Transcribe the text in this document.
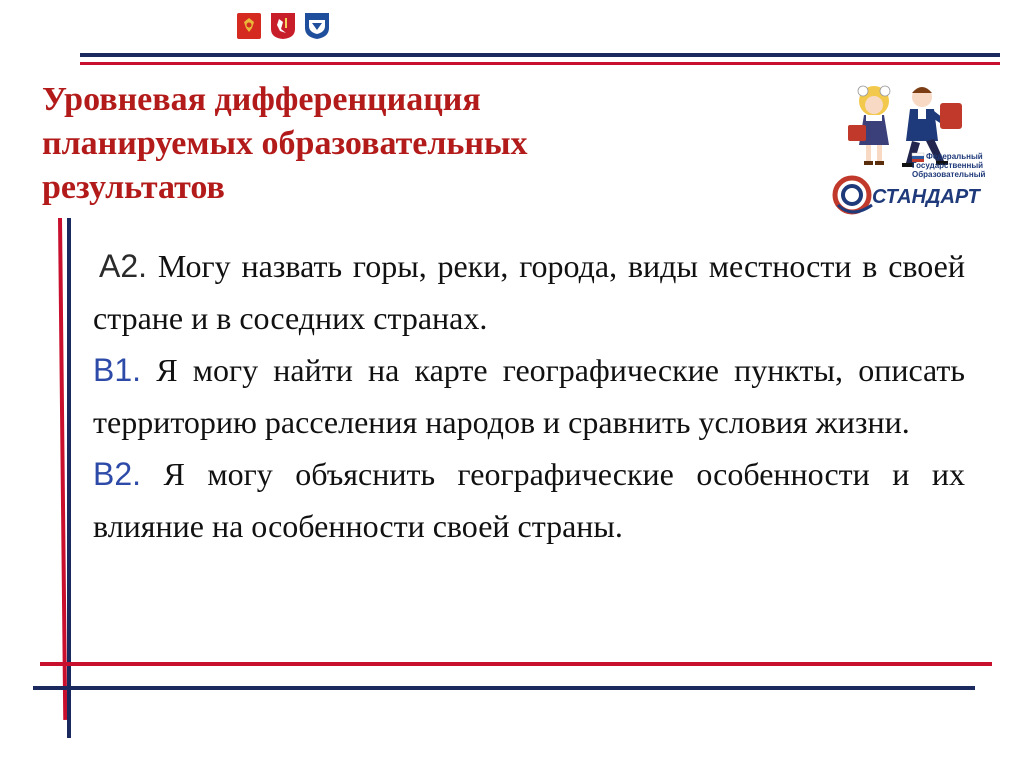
Уровневая дифференциация
планируемых образовательных
результатов
Федеральный
Государственный
Образовательный
СТАНДАРТ

А2. Могу назвать горы, реки, города, виды местности в своей стране и в соседних странах.

В1. Я могу найти на карте географические пункты, описать территорию расселения народов и сравнить условия жизни.

В2. Я могу объяснить географические особенности и их влияние на особенности своей страны.
